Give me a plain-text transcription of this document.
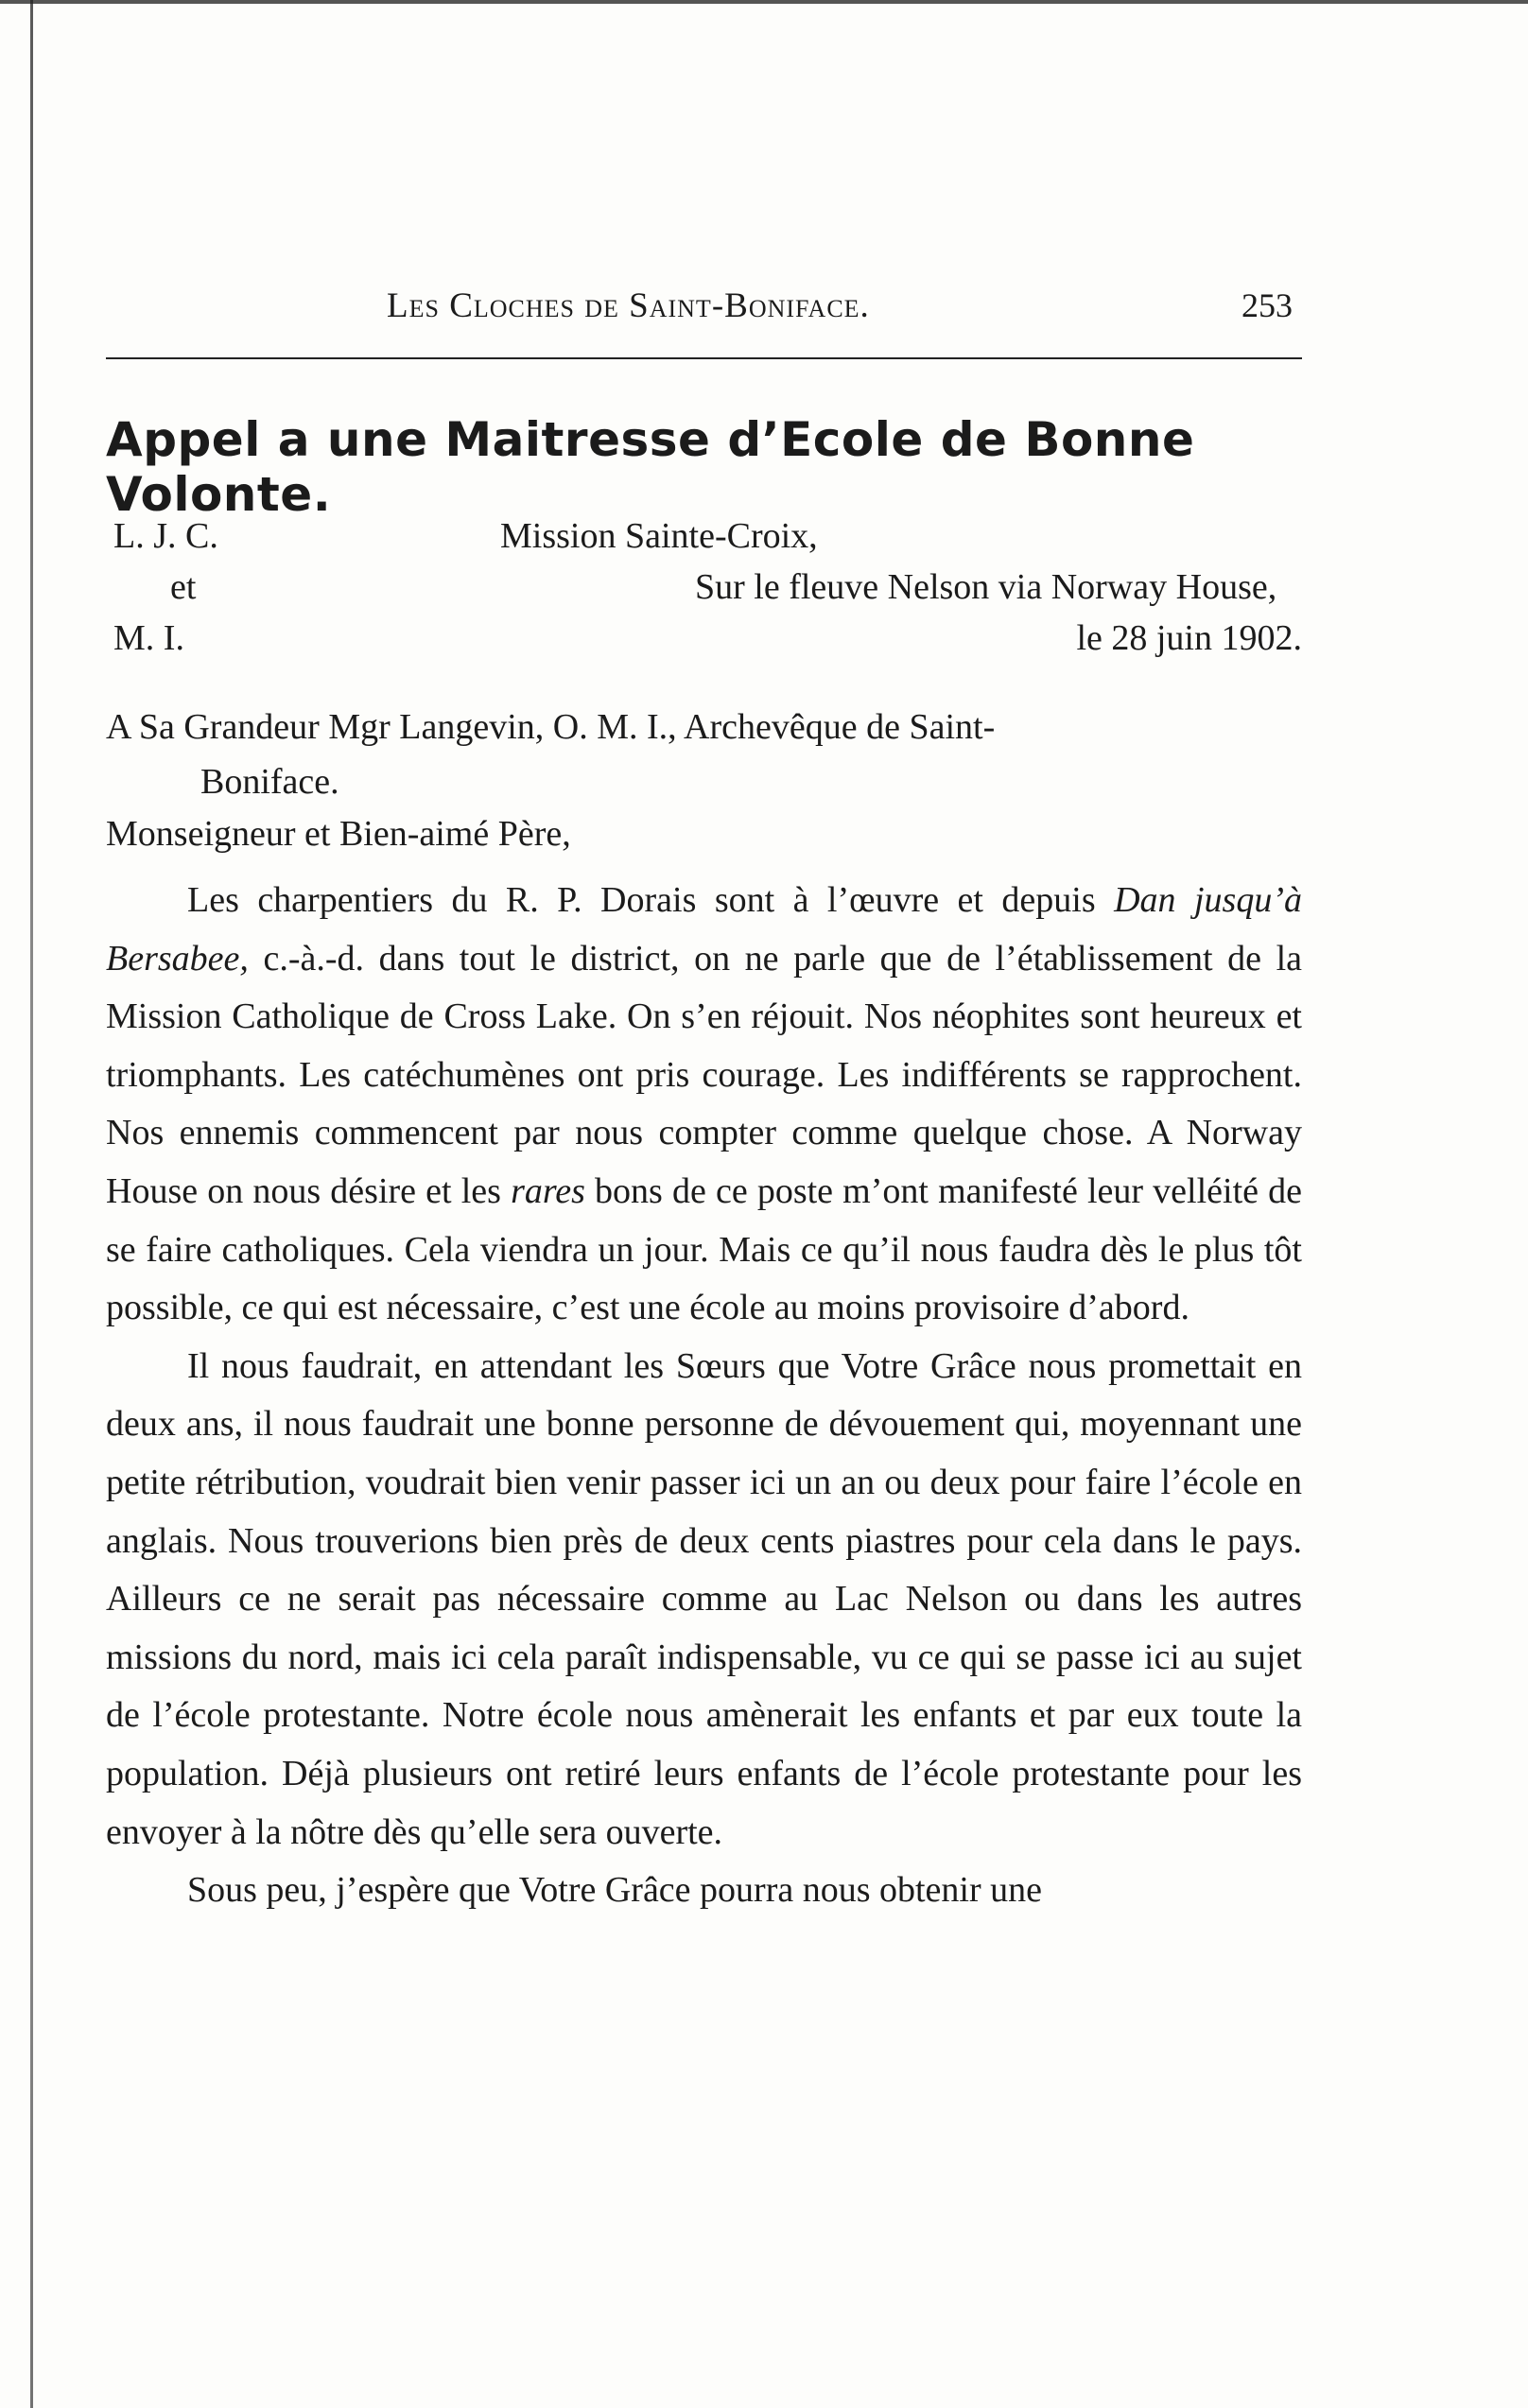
Les Cloches de Saint-Boniface.	253
Appel a une Maitresse d’Ecole de Bonne Volonte.
L. J. C.
et
M. I.
Mission Sainte-Croix,
Sur le fleuve Nelson via Norway House,
le 28 juin 1902.
A Sa Grandeur Mgr Langevin, O. M. I., Archevêque de Saint-
Boniface.
Monseigneur et Bien-aimé Père,

Les charpentiers du R. P. Dorais sont à l’œuvre et depuis Dan jusqu’à Bersabee, c.-à.-d. dans tout le district, on ne parle que de l’établissement de la Mission Catholique de Cross Lake. On s’en réjouit. Nos néophites sont heureux et triomphants. Les catéchumènes ont pris courage. Les indifférents se rapprochent. Nos ennemis commencent par nous compter comme quelque chose. A Norway House on nous désire et les rares bons de ce poste m’ont manifesté leur velléité de se faire catholiques. Cela viendra un jour. Mais ce qu’il nous faudra dès le plus tôt possible, ce qui est nécessaire, c’est une école au moins provisoire d’abord.

Il nous faudrait, en attendant les Sœurs que Votre Grâce nous promettait en deux ans, il nous faudrait une bonne personne de dévouement qui, moyennant une petite rétribution, voudrait bien venir passer ici un an ou deux pour faire l’école en anglais. Nous trouverions bien près de deux cents piastres pour cela dans le pays. Ailleurs ce ne serait pas nécessaire comme au Lac Nelson ou dans les autres missions du nord, mais ici cela paraît indispensable, vu ce qui se passe ici au sujet de l’école protestante. Notre école nous amènerait les enfants et par eux toute la population. Déjà plusieurs ont retiré leurs enfants de l’école protestante pour les envoyer à la nôtre dès qu’elle sera ouverte.

Sous peu, j’espère que Votre Grâce pourra nous obtenir une
